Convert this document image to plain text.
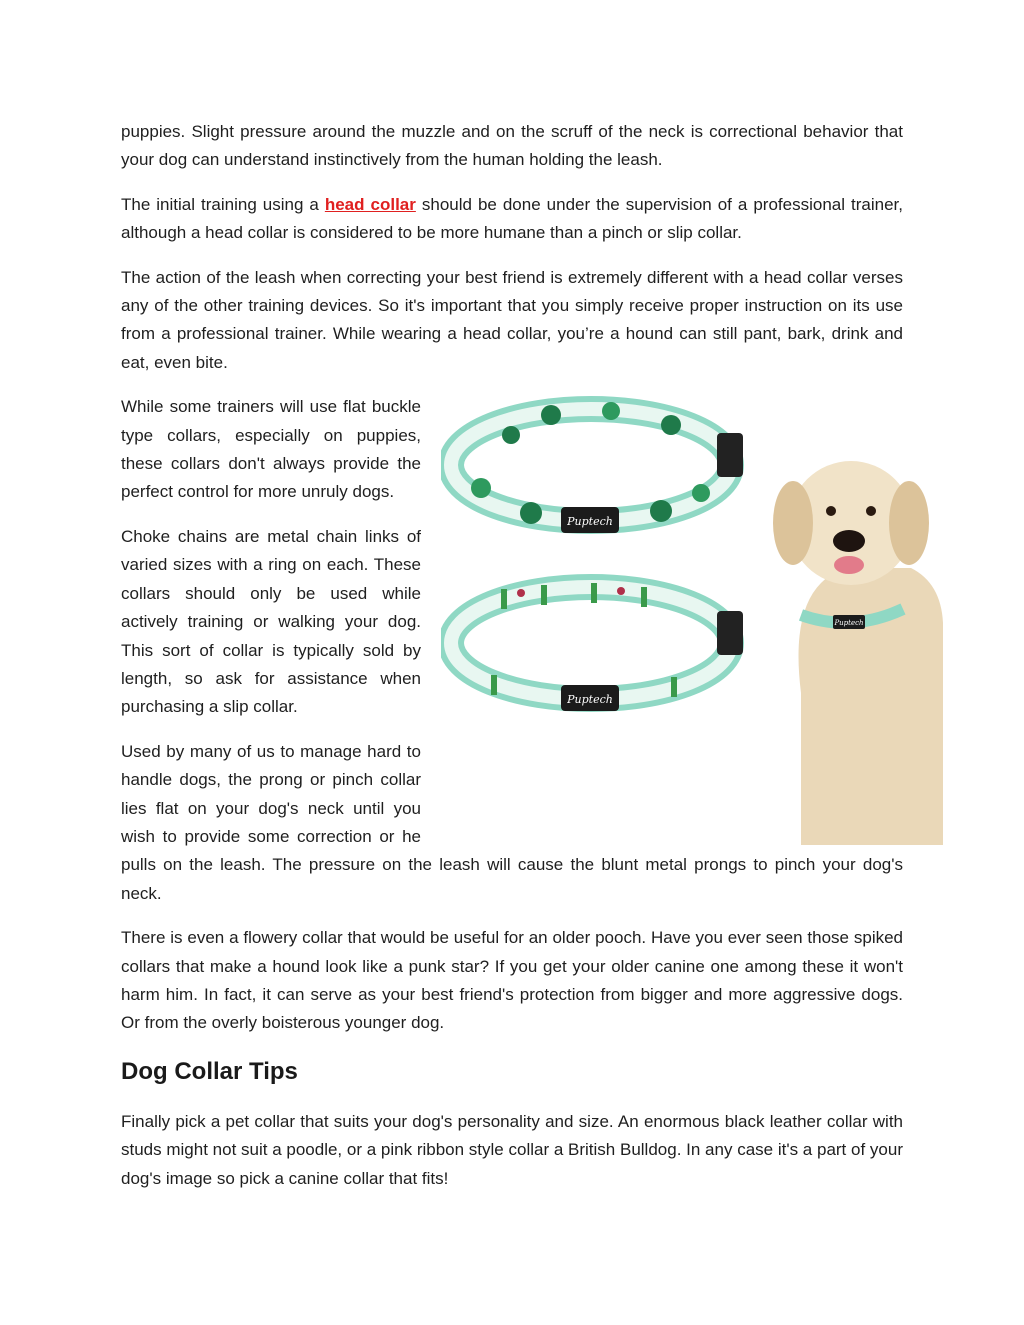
puppies. Slight pressure around the muzzle and on the scruff of the neck is correctional behavior that your dog can understand instinctively from the human holding the leash.

The initial training using a head collar should be done under the supervision of a professional trainer, although a head collar is considered to be more humane than a pinch or slip collar.

The action of the leash when correcting your best friend is extremely different with a head collar verses any of the other training devices. So it's important that you simply receive proper instruction on its use from a professional trainer. While wearing a head collar, you’re a hound can still pant, bark, drink and eat, even bite.

Puptech
Puptech
Puptech

While some trainers will use flat buckle type collars, especially on puppies, these collars don't always provide the perfect control for more unruly dogs.

Choke chains are metal chain links of varied sizes with a ring on each. These collars should only be used while actively training or walking your dog. This sort of collar is typically sold by length, so ask for assistance when purchasing a slip collar.

Used by many of us to manage hard to handle dogs, the prong or pinch collar lies flat on your dog's neck until you wish to provide some correction or he pulls on the leash. The pressure on the leash will cause the blunt metal prongs to pinch your dog's neck.

There is even a flowery collar that would be useful for an older pooch. Have you ever seen those spiked collars that make a hound look like a punk star? If you get your older canine one among these it won't harm him. In fact, it can serve as your best friend's protection from bigger and more aggressive dogs. Or from the overly boisterous younger dog.

Dog Collar Tips

Finally pick a pet collar that suits your dog's personality and size. An enormous black leather collar with studs might not suit a poodle, or a pink ribbon style collar a British Bulldog. In any case it's a part of your dog's image so pick a canine collar that fits!
